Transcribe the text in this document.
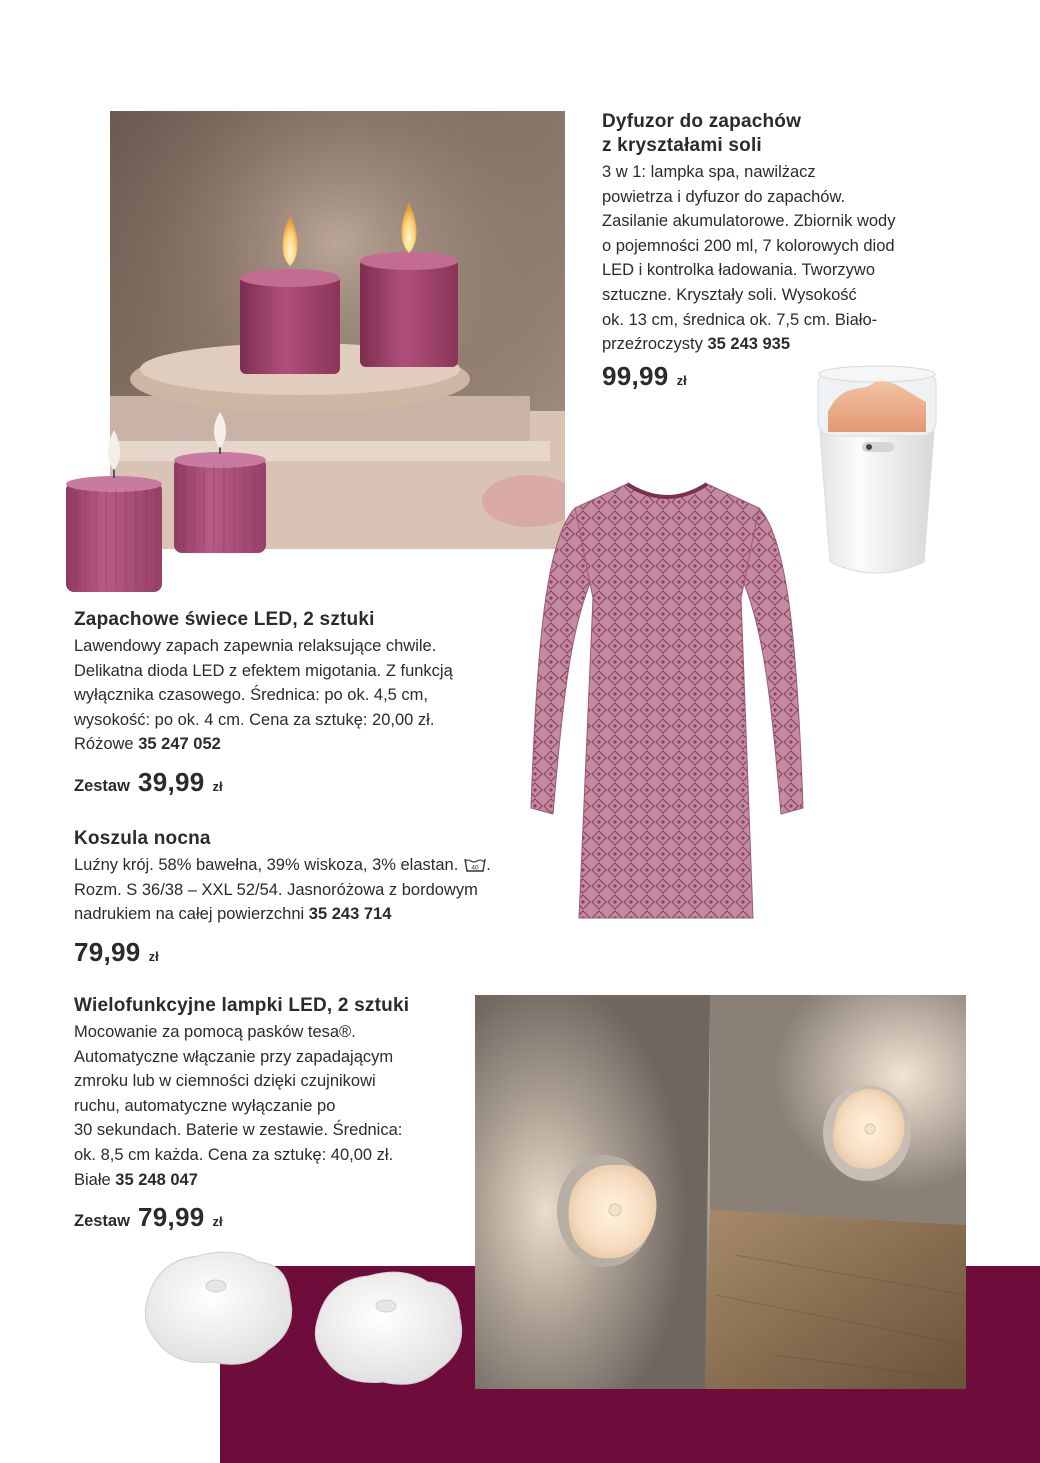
Dyfuzor do zapachów
z kryształami soli

3 w 1: lampka spa, nawilżacz
powietrza i dyfuzor do zapachów.
Zasilanie akumulatorowe. Zbiornik wody
o pojemności 200 ml, 7 kolorowych diod
LED i kontrolka ładowania. Tworzywo
sztuczne. Kryształy soli. Wysokość
ok. 13 cm, średnica ok. 7,5 cm. Biało-
przeźroczysty 35 243 935

99,99 zł
Zapachowe świece LED, 2 sztuki

Lawendowy zapach zapewnia relaksujące chwile.
Delikatna dioda LED z efektem migotania. Z funkcją
wyłącznika czasowego. Średnica: po ok. 4,5 cm,
wysokość: po ok. 4 cm. Cena za sztukę: 20,00 zł.
Różowe 35 247 052

Zestaw 39,99 zł
Koszula nocna

Luźny krój. 58% bawełna, 39% wiskoza, 3% elastan. 40 .
Rozm. S 36/38 – XXL 52/54. Jasnoróżowa z bordowym
nadrukiem na całej powierzchni 35 243 714

79,99 zł
Wielofunkcyjne lampki LED, 2 sztuki

Mocowanie za pomocą pasków tesa®.
Automatyczne włączanie przy zapadającym
zmroku lub w ciemności dzięki czujnikowi
ruchu, automatyczne wyłączanie po
30 sekundach. Baterie w zestawie. Średnica:
ok. 8,5 cm każda. Cena za sztukę: 40,00 zł.
Białe 35 248 047

Zestaw 79,99 zł
